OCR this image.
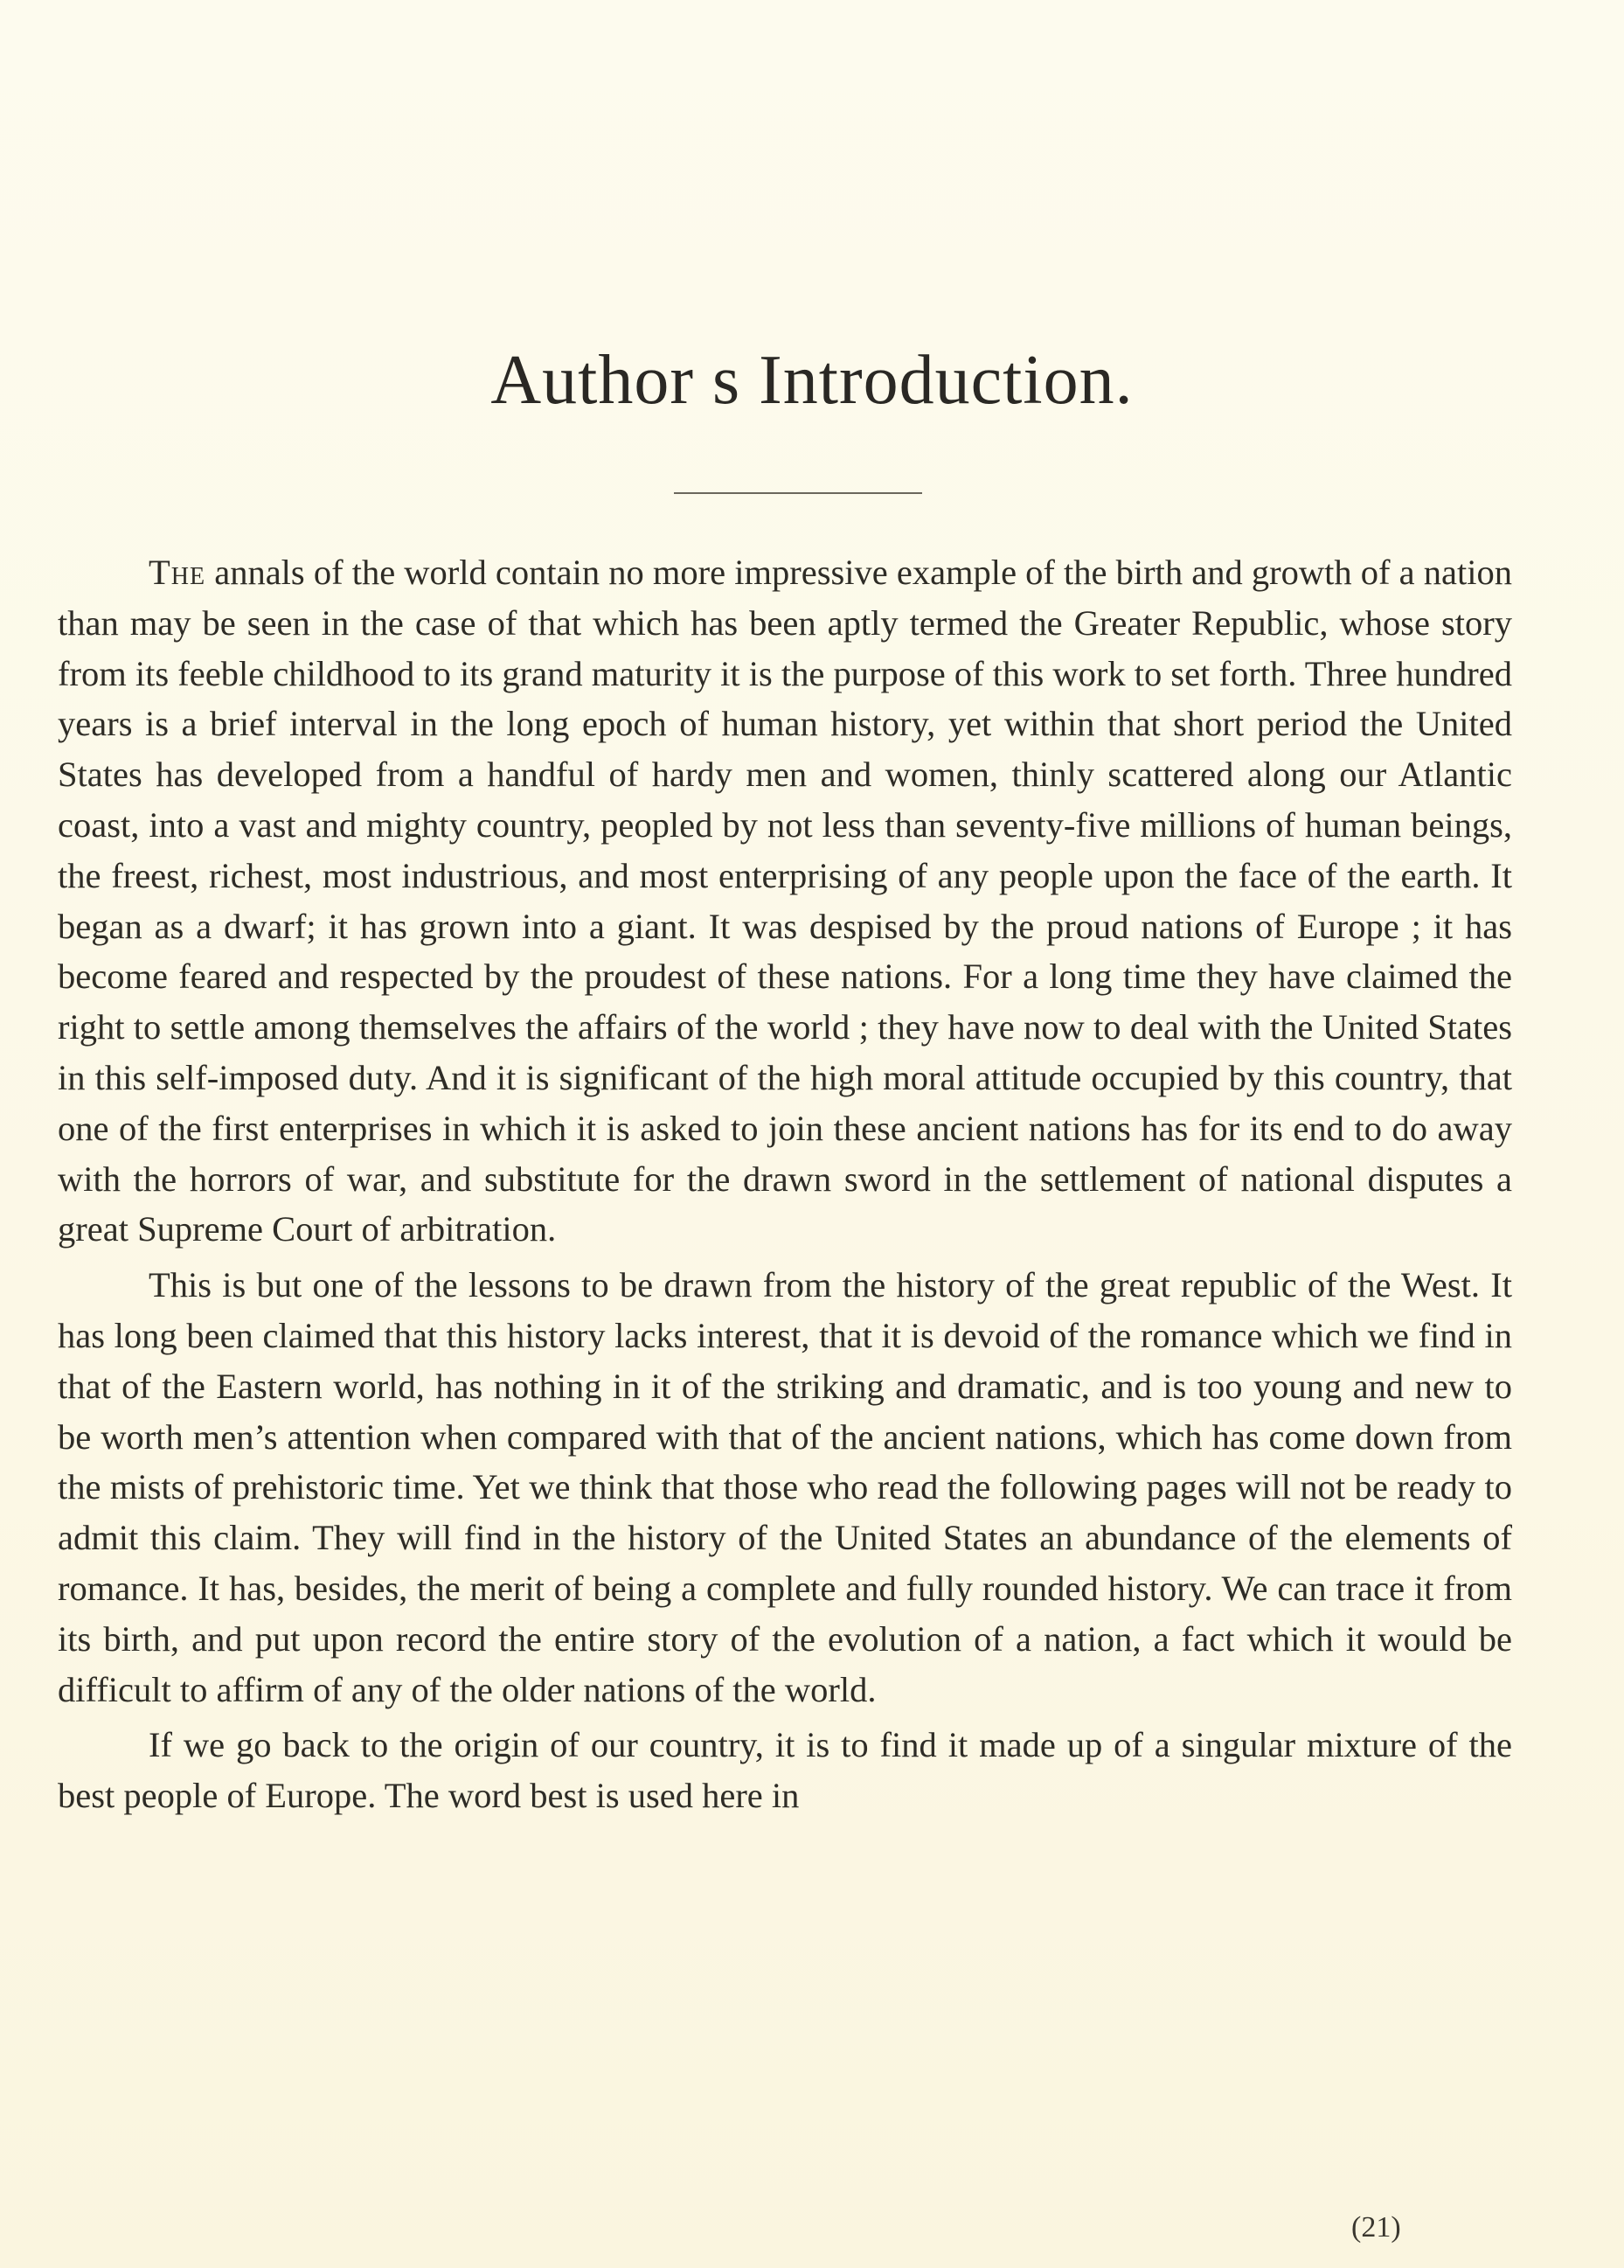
Author s Introduction.

The annals of the world contain no more impressive example of the birth and growth of a nation than may be seen in the case of that which has been aptly termed the Greater Republic, whose story from its feeble childhood to its grand maturity it is the purpose of this work to set forth. Three hundred years is a brief interval in the long epoch of human history, yet within that short period the United States has developed from a handful of hardy men and women, thinly scattered along our Atlantic coast, into a vast and mighty country, peopled by not less than seventy-five millions of human beings, the freest, richest, most industrious, and most enterprising of any people upon the face of the earth. It began as a dwarf; it has grown into a giant. It was despised by the proud nations of Europe ; it has become feared and respected by the proudest of these nations. For a long time they have claimed the right to settle among themselves the affairs of the world ; they have now to deal with the United States in this self-imposed duty. And it is significant of the high moral attitude occupied by this country, that one of the first enterprises in which it is asked to join these ancient nations has for its end to do away with the horrors of war, and substitute for the drawn sword in the settlement of national disputes a great Supreme Court of arbitration.

This is but one of the lessons to be drawn from the history of the great republic of the West. It has long been claimed that this history lacks interest, that it is devoid of the romance which we find in that of the Eastern world, has nothing in it of the striking and dramatic, and is too young and new to be worth men’s attention when compared with that of the ancient nations, which has come down from the mists of prehistoric time. Yet we think that those who read the following pages will not be ready to admit this claim. They will find in the history of the United States an abundance of the elements of romance. It has, besides, the merit of being a complete and fully rounded history. We can trace it from its birth, and put upon record the entire story of the evolution of a nation, a fact which it would be difficult to affirm of any of the older nations of the world.

If we go back to the origin of our country, it is to find it made up of a singular mixture of the best people of Europe. The word best is used here in

(21)
